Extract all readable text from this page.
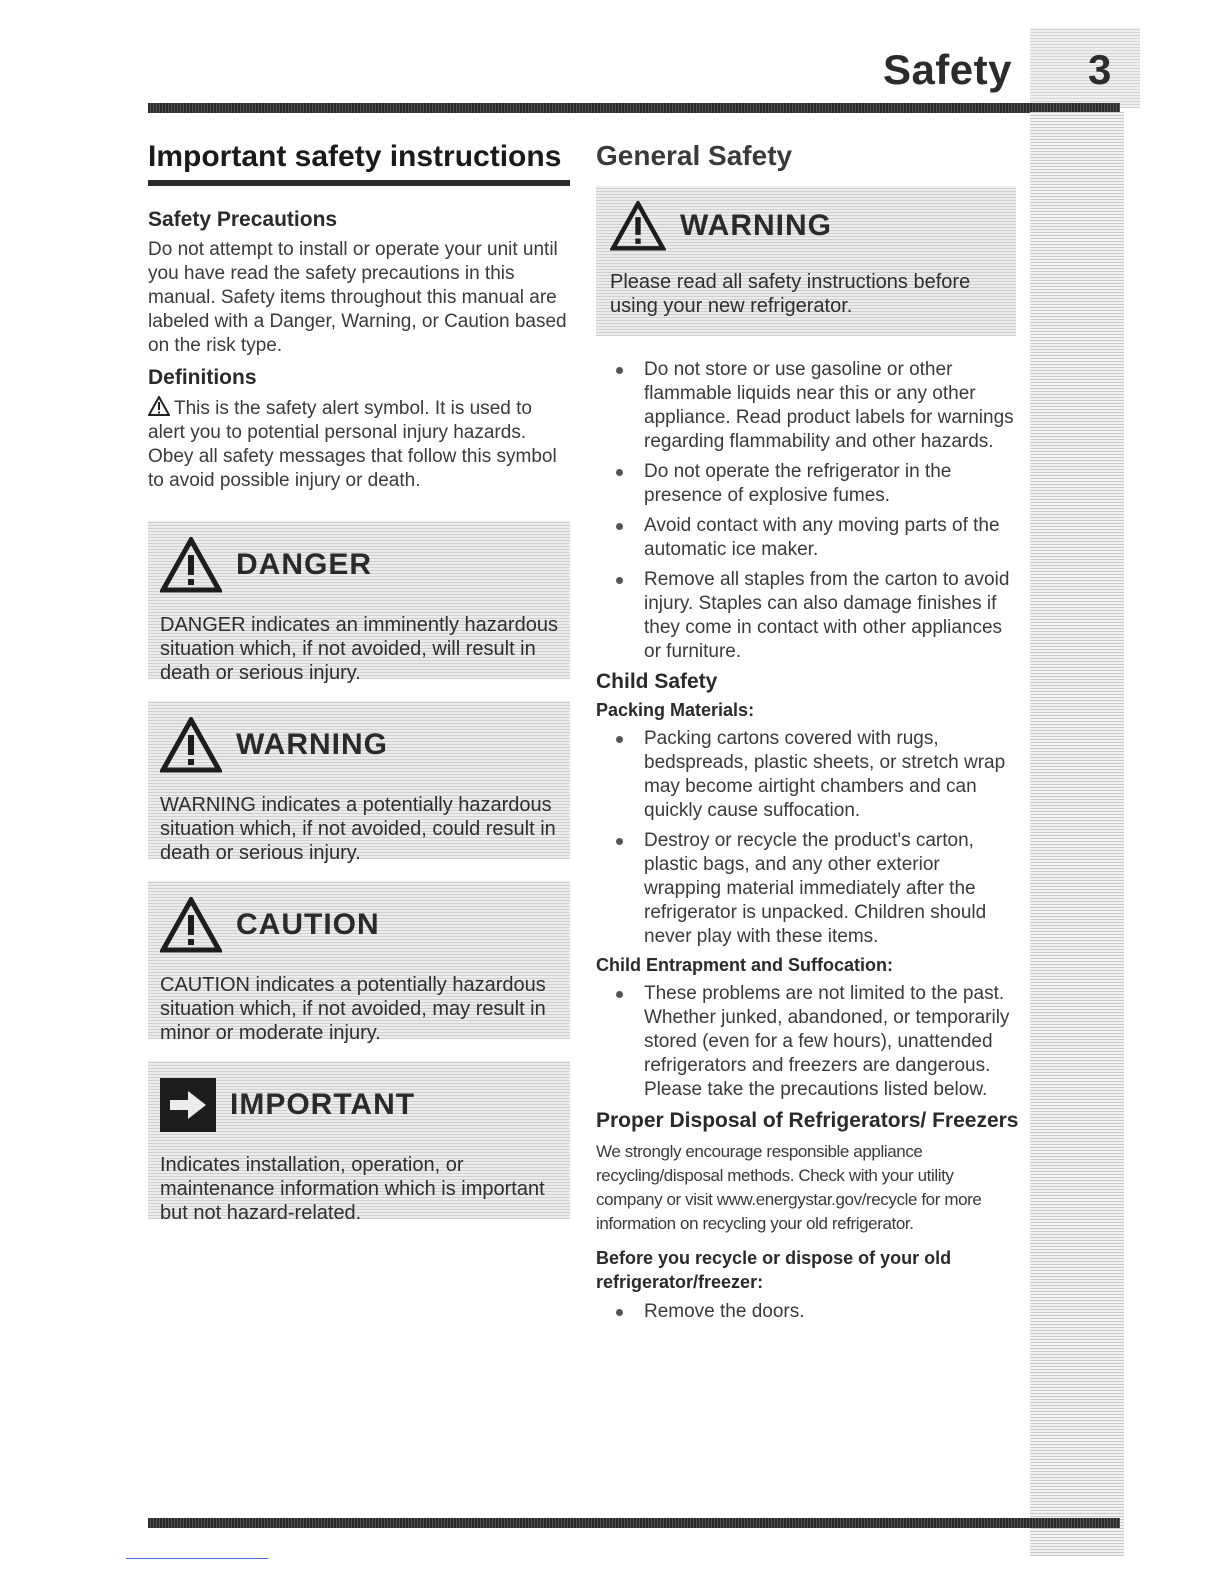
Safety 3
Important safety instructions
Safety Precautions
Do not attempt to install or operate your unit until you have read the safety precautions in this manual. Safety items throughout this manual are labeled with a Danger, Warning, or Caution based on the risk type.
Definitions
This is the safety alert symbol. It is used to alert you to potential personal injury hazards. Obey all safety messages that follow this symbol to avoid possible injury or death.
DANGER
DANGER indicates an imminently hazardous situation which, if not avoided, will result in death or serious injury.
WARNING
WARNING indicates a potentially hazardous situation which, if not avoided, could result in death or serious injury.
CAUTION
CAUTION indicates a potentially hazardous situation which, if not avoided, may result in minor or moderate injury.
IMPORTANT
Indicates installation, operation, or maintenance information which is important but not hazard-related.
General Safety
WARNING
Please read all safety instructions before using your new refrigerator.
Do not store or use gasoline or other flammable liquids near this or any other appliance. Read product labels for warnings regarding flammability and other hazards.
Do not operate the refrigerator in the presence of explosive fumes.
Avoid contact with any moving parts of the automatic ice maker.
Remove all staples from the carton to avoid injury. Staples can also damage finishes if they come in contact with other appliances or furniture.
Child Safety
Packing Materials:
Packing cartons covered with rugs, bedspreads, plastic sheets, or stretch wrap may become airtight chambers and can quickly cause suffocation.
Destroy or recycle the product's carton, plastic bags, and any other exterior wrapping material immediately after the refrigerator is unpacked. Children should never play with these items.
Child Entrapment and Suffocation:
These problems are not limited to the past. Whether junked, abandoned, or temporarily stored (even for a few hours), unattended refrigerators and freezers are dangerous. Please take the precautions listed below.
Proper Disposal of Refrigerators/ Freezers
We strongly encourage responsible appliance recycling/disposal methods. Check with your utility company or visit www.energystar.gov/recycle for more information on recycling your old refrigerator.
Before you recycle or dispose of your old refrigerator/freezer:
Remove the doors.
